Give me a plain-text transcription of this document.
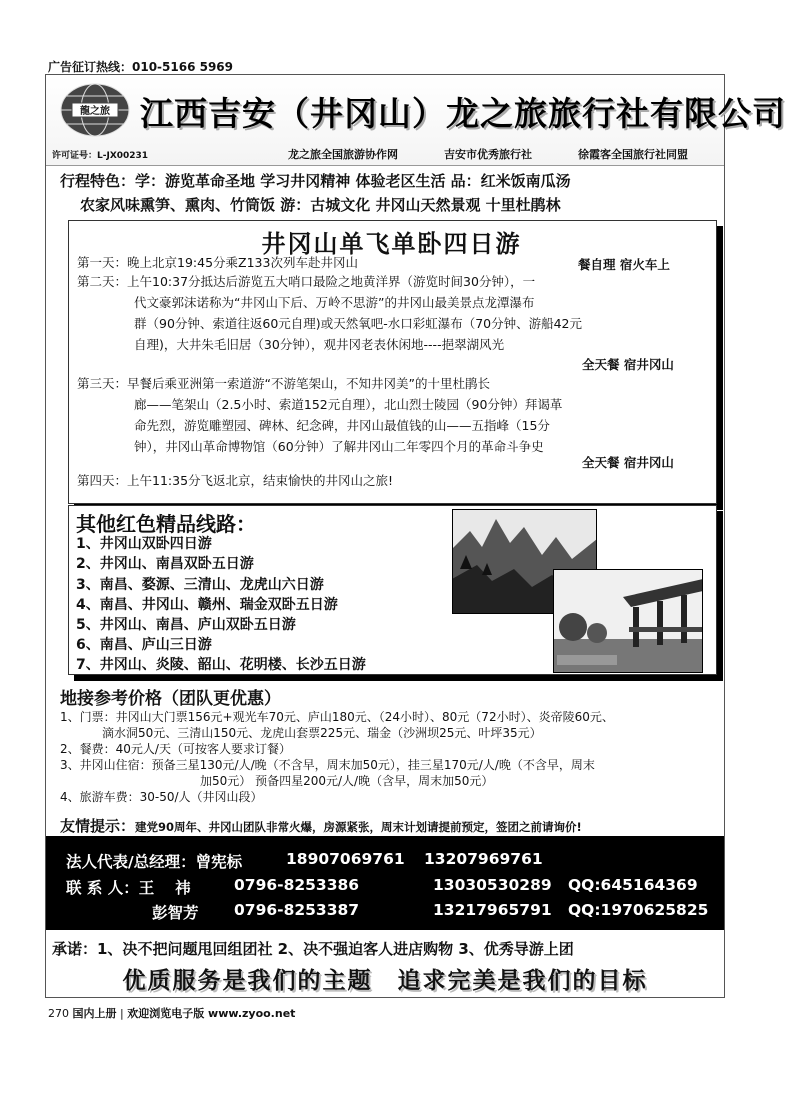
广告征订热线：010-5166 5969
龍之旅 江西吉安（井冈山）龙之旅旅行社有限公司
许可证号：L-JX00231	龙之旅全国旅游协作网	吉安市优秀旅行社	徐霞客全国旅行社同盟
行程特色：学：游览革命圣地 学习井冈精神 体验老区生活 品：红米饭南瓜汤
农家风味熏笋、熏肉、竹筒饭 游：古城文化 井冈山天然景观 十里杜鹃林
井冈山单飞单卧四日游
第一天：晚上北京19:45分乘Z133次列车赴井冈山	餐自理 宿火车上
第二天：上午10:37分抵达后游览五大哨口最险之地黄洋界（游览时间30分钟），一
代文豪郭沫诺称为“井冈山下后、万岭不思游”的井冈山最美景点龙潭瀑布
群（90分钟、索道往返60元自理)或天然氧吧-水口彩虹瀑布（70分钟、游船42元
自理)，大井朱毛旧居（30分钟），观井冈老表休闲地----挹翠湖风光
全天餐 宿井冈山
第三天：早餐后乘亚洲第一索道游“不游笔架山，不知井冈美”的十里杜鹃长
廊——笔架山（2.5小时、索道152元自理），北山烈士陵园（90分钟）拜谒革
命先烈，游览雕塑园、碑林、纪念碑，井冈山最值钱的山——五指峰（15分
钟），井冈山革命博物馆（60分钟）了解井冈山二年零四个月的革命斗争史
全天餐 宿井冈山
第四天：上午11:35分飞返北京，结束愉快的井冈山之旅!
其他红色精品线路：
1、井冈山双卧四日游
2、井冈山、南昌双卧五日游
3、南昌、婺源、三清山、龙虎山六日游
4、南昌、井冈山、赣州、瑞金双卧五日游
5、井冈山、南昌、庐山双卧五日游
6、南昌、庐山三日游
7、井冈山、炎陵、韶山、花明楼、长沙五日游
地接参考价格（团队更优惠）
1、门票：井冈山大门票156元+观光车70元、庐山180元、（24小时）、80元（72小时）、炎帝陵60元、
滴水洞50元、三清山150元、龙虎山套票225元、瑞金（沙洲坝25元、叶坪35元）
2、餐费：40元人/天（可按客人要求订餐）
3、井冈山住宿：预备三星130元/人/晚（不含早，周末加50元），挂三星170元/人/晚（不含早，周末
加50元） 预备四星200元/人/晚（含早，周末加50元）
4、旅游车费：30-50/人（井冈山段）
友情提示：建党90周年、井冈山团队非常火爆，房源紧张，周末计划请提前预定，签团之前请询价!
法人代表/总经理：曾宪标	18907069761 13207969761
联 系 人：王　 祎	0796-8253386	13030530289 QQ:645164369
彭智芳 0796-8253387	13217965791 QQ:1970625825
承诺：1、决不把问题甩回组团社 2、决不强迫客人进店购物 3、优秀导游上团
优质服务是我们的主题　追求完美是我们的目标
270 国内上册 | 欢迎浏览电子版 www.zyoo.net
